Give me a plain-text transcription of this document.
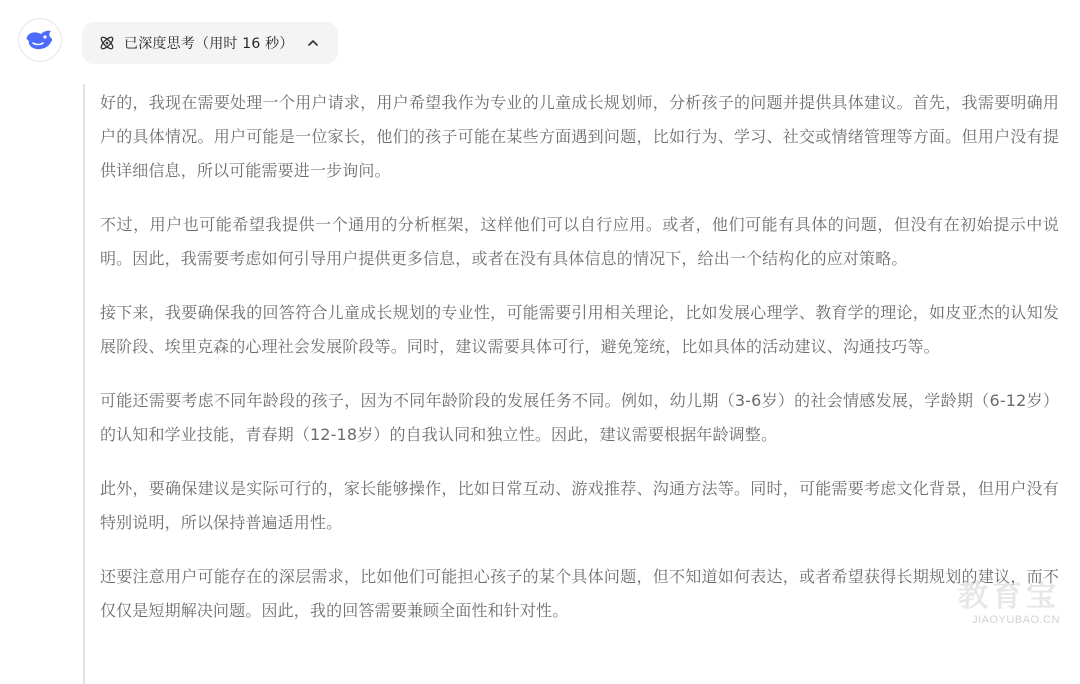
已深度思考（用时 16 秒）

好的，我现在需要处理一个用户请求，用户希望我作为专业的儿童成长规划师，分析孩子的问题并提供具体建议。首先，我需要明确用户的具体情况。用户可能是一位家长，他们的孩子可能在某些方面遇到问题，比如行为、学习、社交或情绪管理等方面。但用户没有提供详细信息，所以可能需要进一步询问。

不过，用户也可能希望我提供一个通用的分析框架，这样他们可以自行应用。或者，他们可能有具体的问题，但没有在初始提示中说明。因此，我需要考虑如何引导用户提供更多信息，或者在没有具体信息的情况下，给出一个结构化的应对策略。

接下来，我要确保我的回答符合儿童成长规划的专业性，可能需要引用相关理论，比如发展心理学、教育学的理论，如皮亚杰的认知发展阶段、埃里克森的心理社会发展阶段等。同时，建议需要具体可行，避免笼统，比如具体的活动建议、沟通技巧等。

可能还需要考虑不同年龄段的孩子，因为不同年龄阶段的发展任务不同。例如，幼儿期（3-6岁）的社会情感发展，学龄期（6-12岁）的认知和学业技能，青春期（12-18岁）的自我认同和独立性。因此，建议需要根据年龄调整。

此外，要确保建议是实际可行的，家长能够操作，比如日常互动、游戏推荐、沟通方法等。同时，可能需要考虑文化背景，但用户没有特别说明，所以保持普遍适用性。

还要注意用户可能存在的深层需求，比如他们可能担心孩子的某个具体问题，但不知道如何表达，或者希望获得长期规划的建议，而不仅仅是短期解决问题。因此，我的回答需要兼顾全面性和针对性。	教育宝
JIAOYUBAO.CN
